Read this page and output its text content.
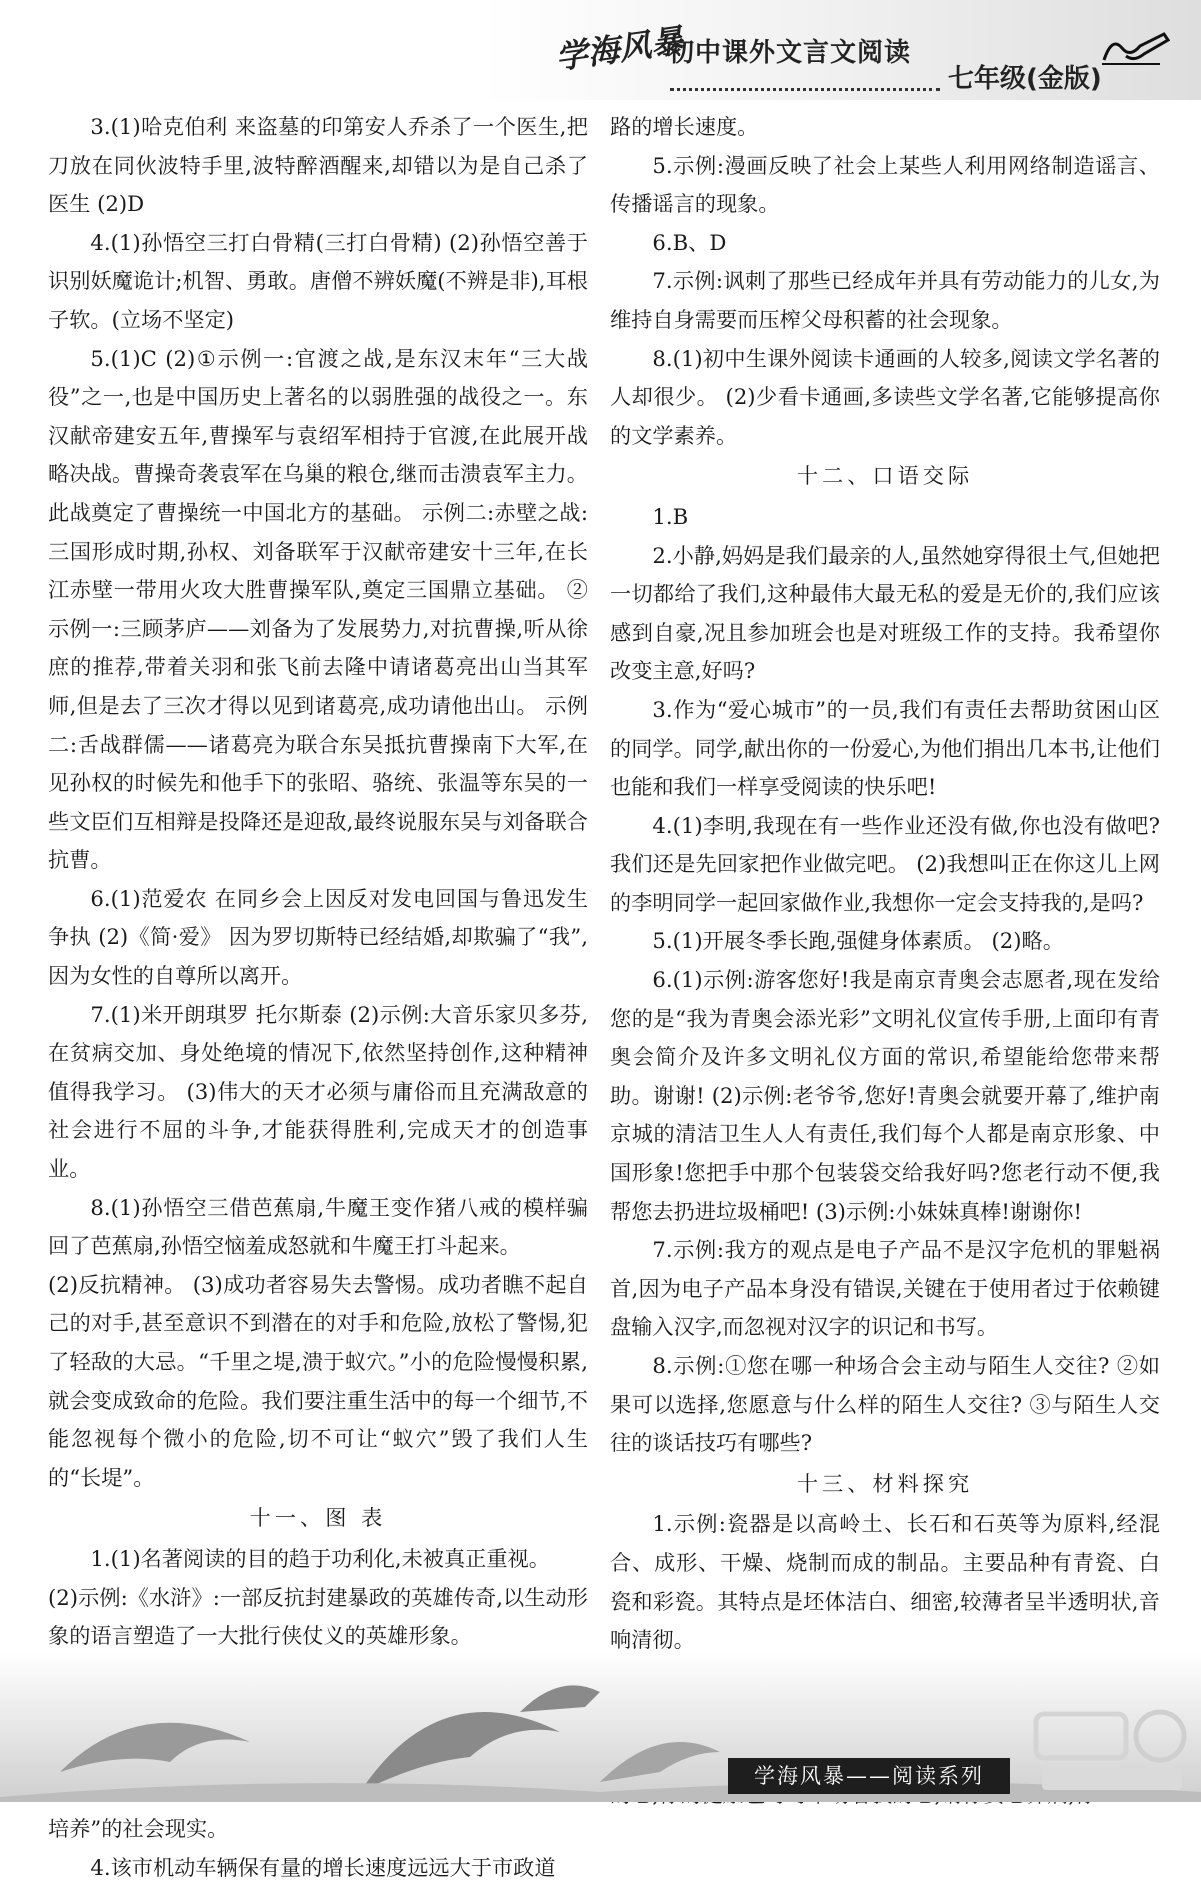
学海风暴
初中课外文言文阅读
七年级(金版)

3.(1)哈克伯利 来盗墓的印第安人乔杀了一个医生,把刀放在同伙波特手里,波特醉酒醒来,却错以为是自己杀了医生 (2)D

4.(1)孙悟空三打白骨精(三打白骨精) (2)孙悟空善于识别妖魔诡计;机智、勇敢。唐僧不辨妖魔(不辨是非),耳根子软。(立场不坚定)

5.(1)C (2)①示例一:官渡之战,是东汉末年“三大战役”之一,也是中国历史上著名的以弱胜强的战役之一。东汉献帝建安五年,曹操军与袁绍军相持于官渡,在此展开战略决战。曹操奇袭袁军在乌巢的粮仓,继而击溃袁军主力。此战奠定了曹操统一中国北方的基础。 示例二:赤壁之战:三国形成时期,孙权、刘备联军于汉献帝建安十三年,在长江赤壁一带用火攻大胜曹操军队,奠定三国鼎立基础。 ②示例一:三顾茅庐——刘备为了发展势力,对抗曹操,听从徐庶的推荐,带着关羽和张飞前去隆中请诸葛亮出山当其军师,但是去了三次才得以见到诸葛亮,成功请他出山。 示例二:舌战群儒——诸葛亮为联合东吴抵抗曹操南下大军,在见孙权的时候先和他手下的张昭、骆统、张温等东吴的一些文臣们互相辩是投降还是迎敌,最终说服东吴与刘备联合抗曹。

6.(1)范爱农 在同乡会上因反对发电回国与鲁迅发生争执 (2)《简·爱》 因为罗切斯特已经结婚,却欺骗了“我”,因为女性的自尊所以离开。

7.(1)米开朗琪罗 托尔斯泰 (2)示例:大音乐家贝多芬,在贫病交加、身处绝境的情况下,依然坚持创作,这种精神值得我学习。 (3)伟大的天才必须与庸俗而且充满敌意的社会进行不屈的斗争,才能获得胜利,完成天才的创造事业。

8.(1)孙悟空三借芭蕉扇,牛魔王变作猪八戒的模样骗回了芭蕉扇,孙悟空恼羞成怒就和牛魔王打斗起来。

(2)反抗精神。 (3)成功者容易失去警惕。成功者瞧不起自己的对手,甚至意识不到潜在的对手和危险,放松了警惕,犯了轻敌的大忌。“千里之堤,溃于蚁穴。”小的危险慢慢积累,就会变成致命的危险。我们要注重生活中的每一个细节,不能忽视每个微小的危险,切不可让“蚁穴”毁了我们人生的“长堤”。

十一、图 表

1.(1)名著阅读的目的趋于功利化,未被真正重视。

(2)示例:《水浒》:一部反抗封建暴政的英雄传奇,以生动形象的语言塑造了一大批行侠仗义的英雄形象。

培养”的社会现实。

4.该市机动车辆保有量的增长速度远远大于市政道

路的增长速度。

5.示例:漫画反映了社会上某些人利用网络制造谣言、传播谣言的现象。

6.B、D

7.示例:讽刺了那些已经成年并具有劳动能力的儿女,为维持自身需要而压榨父母积蓄的社会现象。

8.(1)初中生课外阅读卡通画的人较多,阅读文学名著的人却很少。 (2)少看卡通画,多读些文学名著,它能够提高你的文学素养。

十二、口语交际

1.B

2.小静,妈妈是我们最亲的人,虽然她穿得很土气,但她把一切都给了我们,这种最伟大最无私的爱是无价的,我们应该感到自豪,况且参加班会也是对班级工作的支持。我希望你改变主意,好吗?

3.作为“爱心城市”的一员,我们有责任去帮助贫困山区的同学。同学,献出你的一份爱心,为他们捐出几本书,让他们也能和我们一样享受阅读的快乐吧!

4.(1)李明,我现在有一些作业还没有做,你也没有做吧?我们还是先回家把作业做完吧。 (2)我想叫正在你这儿上网的李明同学一起回家做作业,我想你一定会支持我的,是吗?

5.(1)开展冬季长跑,强健身体素质。 (2)略。

6.(1)示例:游客您好!我是南京青奥会志愿者,现在发给您的是“我为青奥会添光彩”文明礼仪宣传手册,上面印有青奥会简介及许多文明礼仪方面的常识,希望能给您带来帮助。谢谢! (2)示例:老爷爷,您好!青奥会就要开幕了,维护南京城的清洁卫生人人有责任,我们每个人都是南京形象、中国形象!您把手中那个包装袋交给我好吗?您老行动不便,我帮您去扔进垃圾桶吧! (3)示例:小妹妹真棒!谢谢你!

7.示例:我方的观点是电子产品不是汉字危机的罪魁祸首,因为电子产品本身没有错误,关键在于使用者过于依赖键盘输入汉字,而忽视对汉字的识记和书写。

8.示例:①您在哪一种场合会主动与陌生人交往? ②如果可以选择,您愿意与什么样的陌生人交往? ③与陌生人交往的谈话技巧有哪些?

十三、材料探究

1.示例:瓷器是以高岭土、长石和石英等为原料,经混合、成形、干燥、烧制而成的制品。主要品种有青瓷、白瓷和彩瓷。其特点是坯体洁白、细密,较薄者呈半透明状,音响清彻。

学海风暴——阅读系列
